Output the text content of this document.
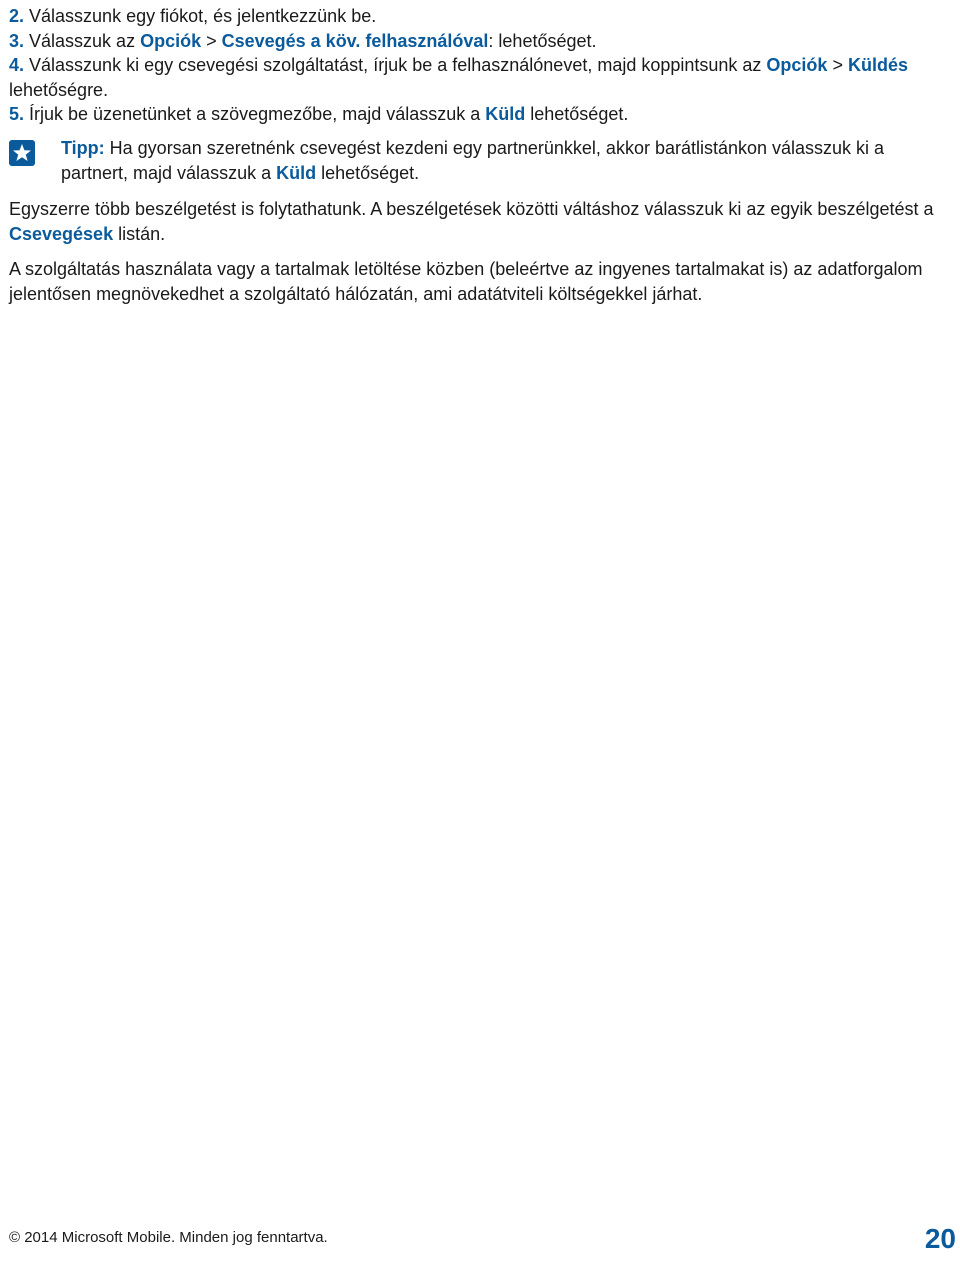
2. Válasszunk egy fiókot, és jelentkezzünk be.

3. Válasszuk az Opciók > Csevegés a köv. felhasználóval: lehetőséget.

4. Válasszunk ki egy csevegési szolgáltatást, írjuk be a felhasználónevet, majd koppintsunk az Opciók > Küldés lehetőségre.

5. Írjuk be üzenetünket a szövegmezőbe, majd válasszuk a Küld lehetőséget.

Tipp: Ha gyorsan szeretnénk csevegést kezdeni egy partnerünkkel, akkor barátlistánkon válasszuk ki a partnert, majd válasszuk a Küld lehetőséget.

Egyszerre több beszélgetést is folytathatunk. A beszélgetések közötti váltáshoz válasszuk ki az egyik beszélgetést a Csevegések listán.

A szolgáltatás használata vagy a tartalmak letöltése közben (beleértve az ingyenes tartalmakat is) az adatforgalom jelentősen megnövekedhet a szolgáltató hálózatán, ami adatátviteli költségekkel járhat.

© 2014 Microsoft Mobile. Minden jog fenntartva.	20
